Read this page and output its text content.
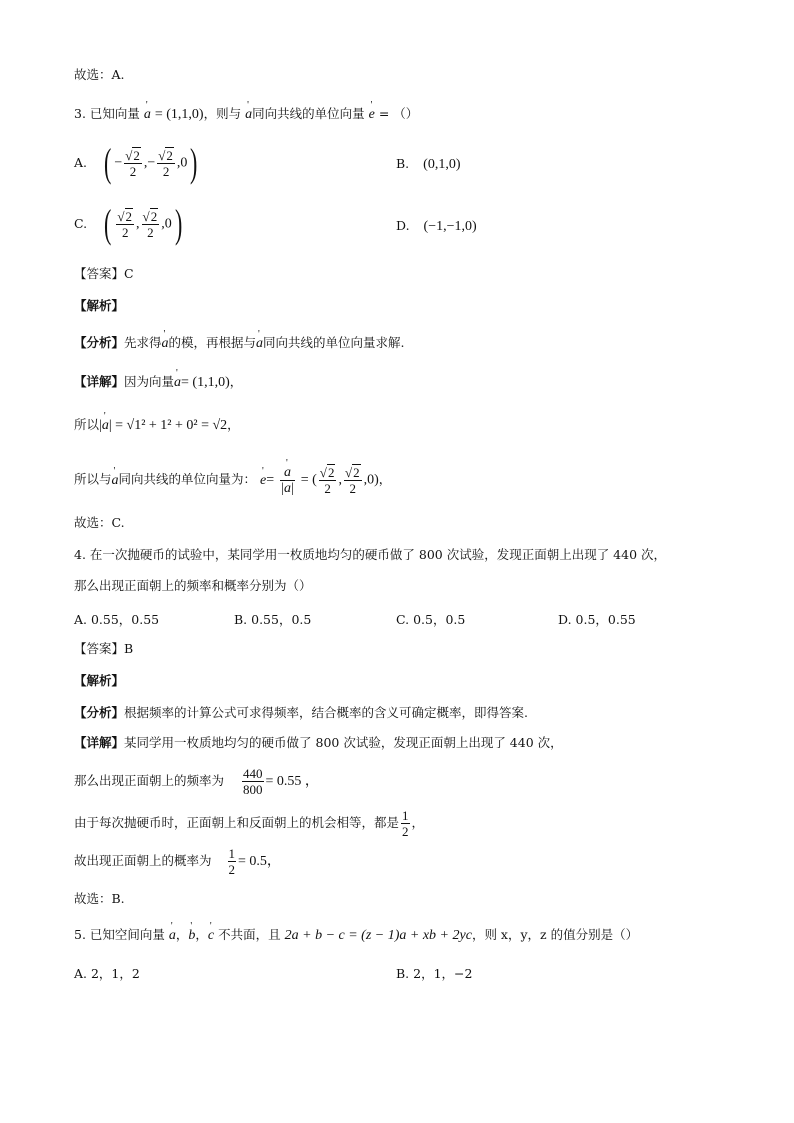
故选：A.
3. 已知向量 ' a = (1,1,0)，则与 ' a同向共线的单位向量 ' e = （）
A. ( − $\frac{√2}{2}$ ,− $\frac{√2}{2} ,0$)	B. (0,1,0)
C. ( $\frac{√2}{2}$ , $\frac{√2}{2} ,0$)	D. (−1,−1,0)
【答案】C
【解析】
【分析】先求得' a的模，再根据与' a同向共线的单位向量求解.
【详解】因为向量' a= (1,1,0)，
所以|' a| = √1² + 1² + 0² = √2，
所以与' a同向共线的单位向量为： ' e= ' $\frac{a}{|a|}$ = ( $\frac{√2}{2}$ , $\frac{√2}{2} ,0$)，
故选：C.
4. 在一次抛硬币的试验中，某同学用一枚质地均匀的硬币做了 800 次试验，发现正面朝上出现了 440 次，
那么出现正面朝上的频率和概率分别为（）
A. 0.55，0.55	B. 0.55，0.5	C. 0.5，0.5	D. 0.5，0.55
【答案】B
【解析】
【分析】根据频率的计算公式可求得频率，结合概率的含义可确定概率，即得答案.
【详解】某同学用一枚质地均匀的硬币做了 800 次试验，发现正面朝上出现了 440 次，
那么出现正面朝上的频率为 $\frac{440}{800} = 0.55$ ，
由于每次抛硬币时，正面朝上和反面朝上的机会相等，都是 $\frac{1}{2}$ ，
故出现正面朝上的概率为 $\frac{1}{2} = 0.5$，
故选：B.
5. 已知空间向量 ' a，' b，' c 不共面，且 2a + b − c = (z − 1)a + xb + 2yc，则 x，y，z 的值分别是（）
A. 2，1，2	B. 2，1，−2
